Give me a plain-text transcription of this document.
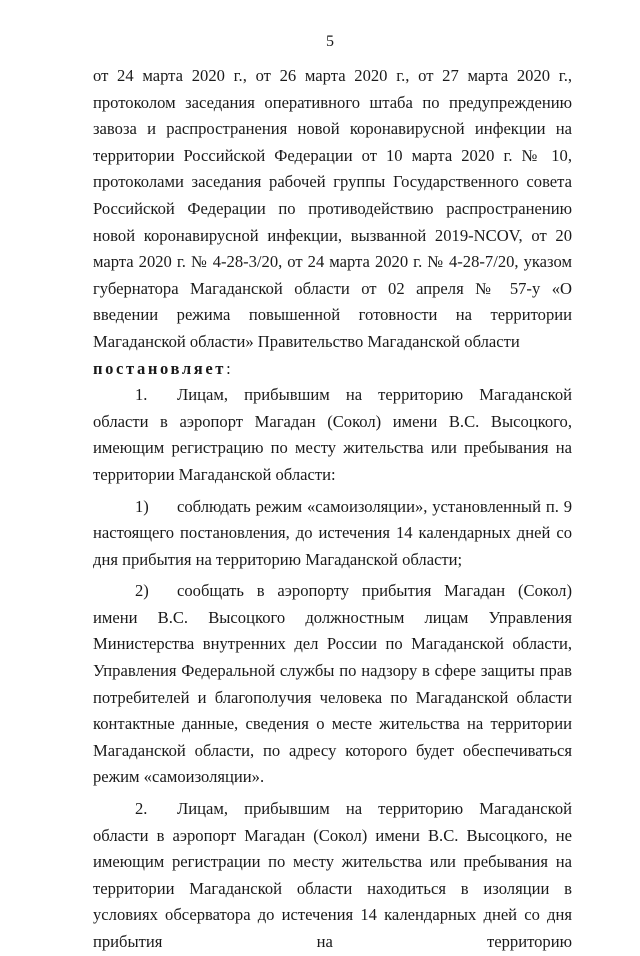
5

от 24 марта 2020 г., от 26 марта 2020 г., от 27 марта 2020 г., протоколом заседания оперативного штаба по предупреждению завоза и распространения новой коронавирусной инфекции на территории Российской Федерации от 10 марта 2020 г. № 10, протоколами заседания рабочей группы Государственного совета Российской Федерации по противодействию распространению новой коронавирусной инфекции, вызванной 2019-NCOV, от 20 марта 2020 г. № 4-28-3/20, от 24 марта 2020 г. № 4-28-7/20, указом губернатора Магаданской области от 02 апреля № 57-у «О введении режима повышенной готовности на территории Магаданской области» Правительство Магаданской области

постановляет:

1. Лицам, прибывшим на территорию Магаданской области в аэропорт Магадан (Сокол) имени В.С. Высоцкого, имеющим регистрацию по месту жительства или пребывания на территории Магаданской области:

1) соблюдать режим «самоизоляции», установленный п. 9 настоящего постановления, до истечения 14 календарных дней со дня прибытия на территорию Магаданской области;

2) сообщать в аэропорту прибытия Магадан (Сокол) имени В.С. Высоцкого должностным лицам Управления Министерства внутренних дел России по Магаданской области, Управления Федеральной службы по надзору в сфере защиты прав потребителей и благополучия человека по Магаданской области контактные данные, сведения о месте жительства на территории Магаданской области, по адресу которого будет обеспечиваться режим «самоизоляции».

2. Лицам, прибывшим на территорию Магаданской области в аэропорт Магадан (Сокол) имени В.С. Высоцкого, не имеющим регистрации по месту жительства или пребывания на территории Магаданской области находиться в изоляции в условиях обсерватора до истечения 14 календарных дней со дня прибытия на территорию
